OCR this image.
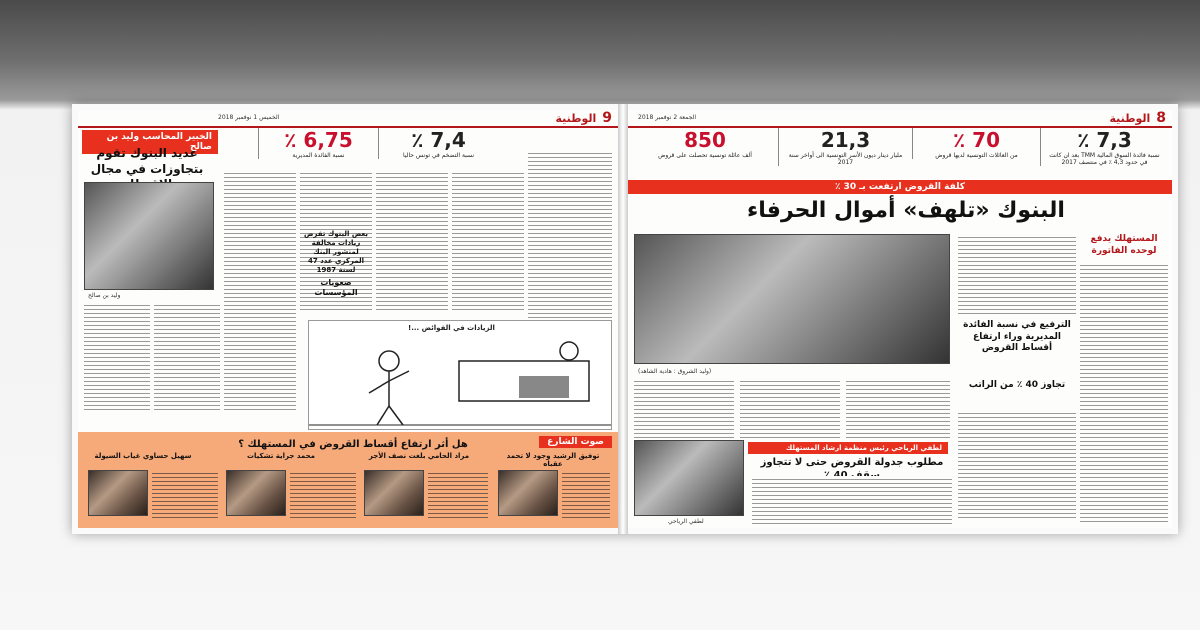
9
الوطنية
الخميس 1 نوفمبر 2018
7,4 ٪
نسبة التضخم في تونس حاليا
6,75 ٪
نسبة الفائدة المديرية
الخبير المحاسب وليد بن صالح
عديد البنوك تقوم بتجاوزات في مجال
وليد بن صالح
بعض البنوك تفرض زيادات مخالفة لمنشور البنك المركزي عدد 47 لسنة 1987
صعوبات المؤسسات
الزيادات في الفوائض ...!
صوت الشارع
هل أثر ارتفاع أقساط القروض في المستهلك ؟
توفيق الرشيد وجود لا تحمد عقباه
مراد الحامي بلغت نصف الأجر
محمد جراية تشكيات
سهيل حساوي غياب السيولة
8
الوطنية
الجمعة 2 نوفمبر 2018
7,3 ٪
نسبة فائدة السوق المالية TMM بعد ان كانت في حدود 4,3 ٪ في منتصف 2017
70 ٪
من العائلات التونسية لديها قروض
21,3
مليار دينار ديون الأسر التونسية الى أواخر سنة 2017
850
ألف عائلة تونسية تحصلت على قروض
كلفة القروض ارتفعت بـ 30 ٪
البنوك «تلهف» أموال الحرفاء
(وليد الشروق : هادية الشاهد)
المستهلك يدفع لوحده الفاتورة
الترفيع في نسبة الفائدة المديرية وراء ارتفاع أقساط القروض
تجاوز 40 ٪ من الراتب
لطفي الرياحي رئيس منظمة ارشاد المستهلك
مطلوب جدولة القروض حتى لا تتجاوز
لطفي الرياحي
